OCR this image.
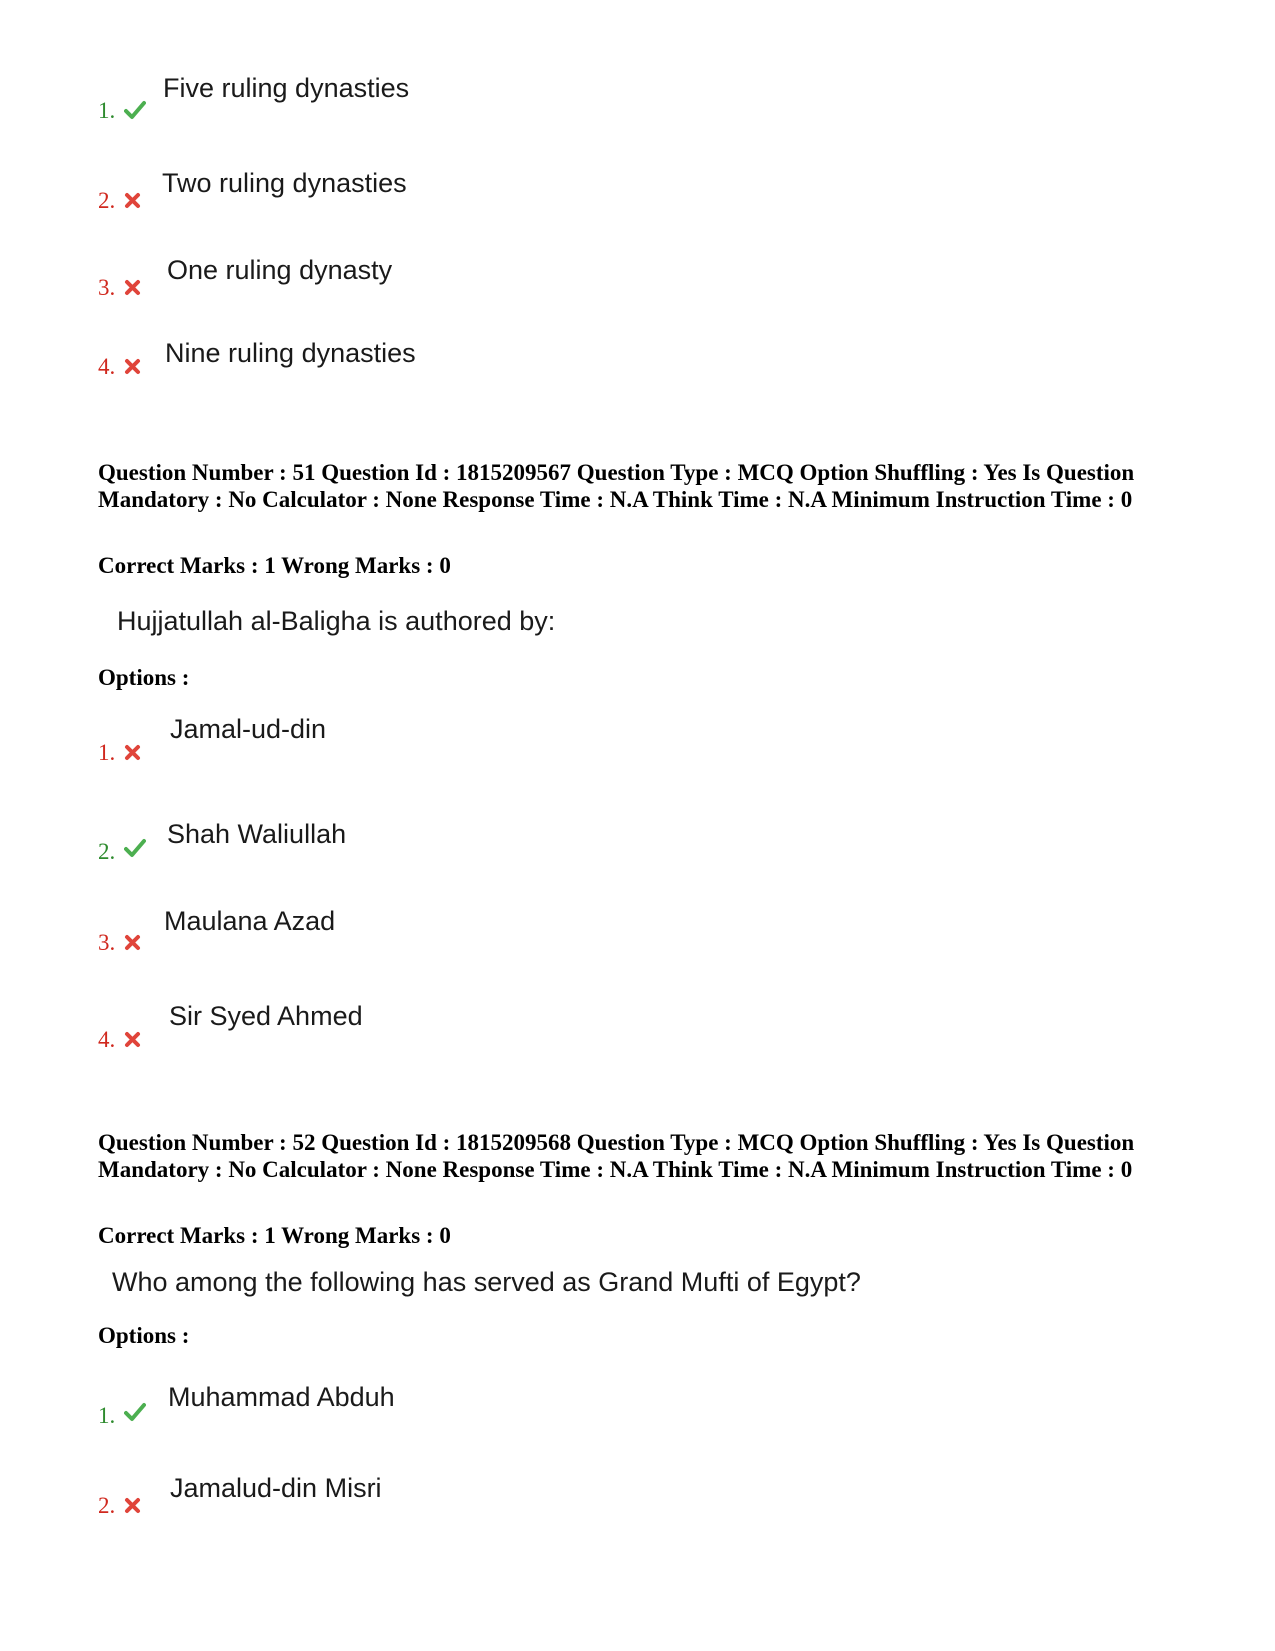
1.
Five ruling dynasties
2.
Two ruling dynasties
3.
One ruling dynasty
4. Nine ruling dynasties
Question Number : 51 Question Id : 1815209567 Question Type : MCQ Option Shuffling : Yes Is Question Mandatory : No Calculator : None Response Time : N.A Think Time : N.A Minimum Instruction Time : 0
Correct Marks : 1 Wrong Marks : 0
Hujjatullah al-Baligha is authored by:
Options :
1.
Jamal-ud-din
2.
Shah Waliullah
3.
Maulana Azad
4.
Sir Syed Ahmed
Question Number : 52 Question Id : 1815209568 Question Type : MCQ Option Shuffling : Yes Is Question Mandatory : No Calculator : None Response Time : N.A Think Time : N.A Minimum Instruction Time : 0
Correct Marks : 1 Wrong Marks : 0
Who among the following has served as Grand Mufti of Egypt?
Options :
1.
Muhammad Abduh
2.
Jamalud-din Misri
